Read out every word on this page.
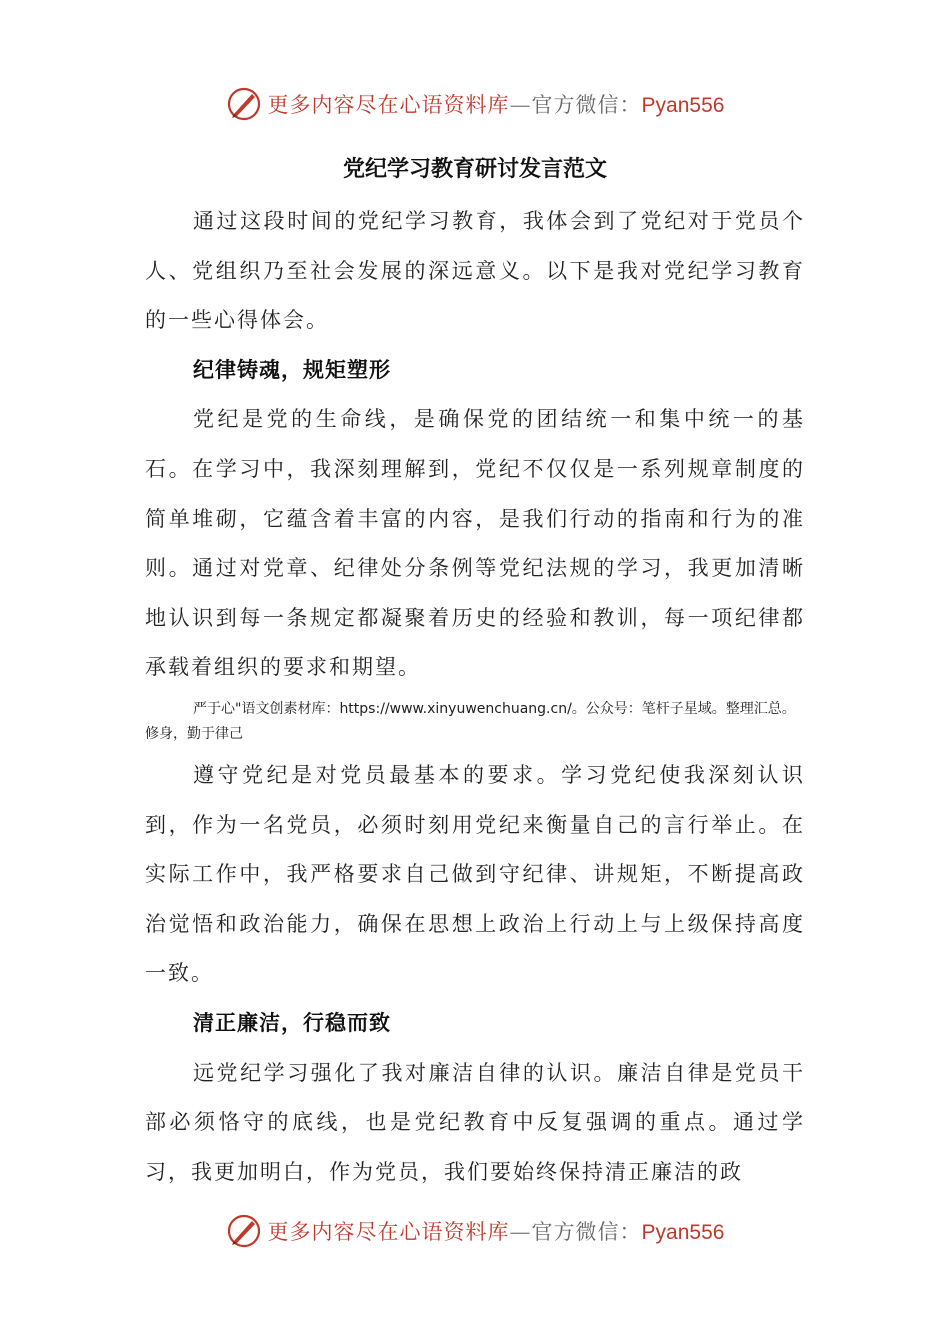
更多内容尽在心语资料库—官方微信：Pyan556
党纪学习教育研讨发言范文

通过这段时间的党纪学习教育，我体会到了党纪对于党员个人、党组织乃至社会发展的深远意义。以下是我对党纪学习教育的一些心得体会。

纪律铸魂，规矩塑形

党纪是党的生命线，是确保党的团结统一和集中统一的基石。在学习中，我深刻理解到，党纪不仅仅是一系列规章制度的简单堆砌，它蕴含着丰富的内容，是我们行动的指南和行为的准则。通过对党章、纪律处分条例等党纪法规的学习，我更加清晰地认识到每一条规定都凝聚着历史的经验和教训，每一项纪律都承载着组织的要求和期望。

严于心"语文创素材库：https://www.xinyuwenchuang.cn/。公众号：笔杆子星域。整理汇总。修身，勤于律己

遵守党纪是对党员最基本的要求。学习党纪使我深刻认识到，作为一名党员，必须时刻用党纪来衡量自己的言行举止。在实际工作中，我严格要求自己做到守纪律、讲规矩，不断提高政治觉悟和政治能力，确保在思想上政治上行动上与上级保持高度一致。

清正廉洁，行稳而致

远党纪学习强化了我对廉洁自律的认识。廉洁自律是党员干部必须恪守的底线，也是党纪教育中反复强调的重点。通过学习，我更加明白，作为党员，我们要始终保持清正廉洁的政

更多内容尽在心语资料库—官方微信：Pyan556
